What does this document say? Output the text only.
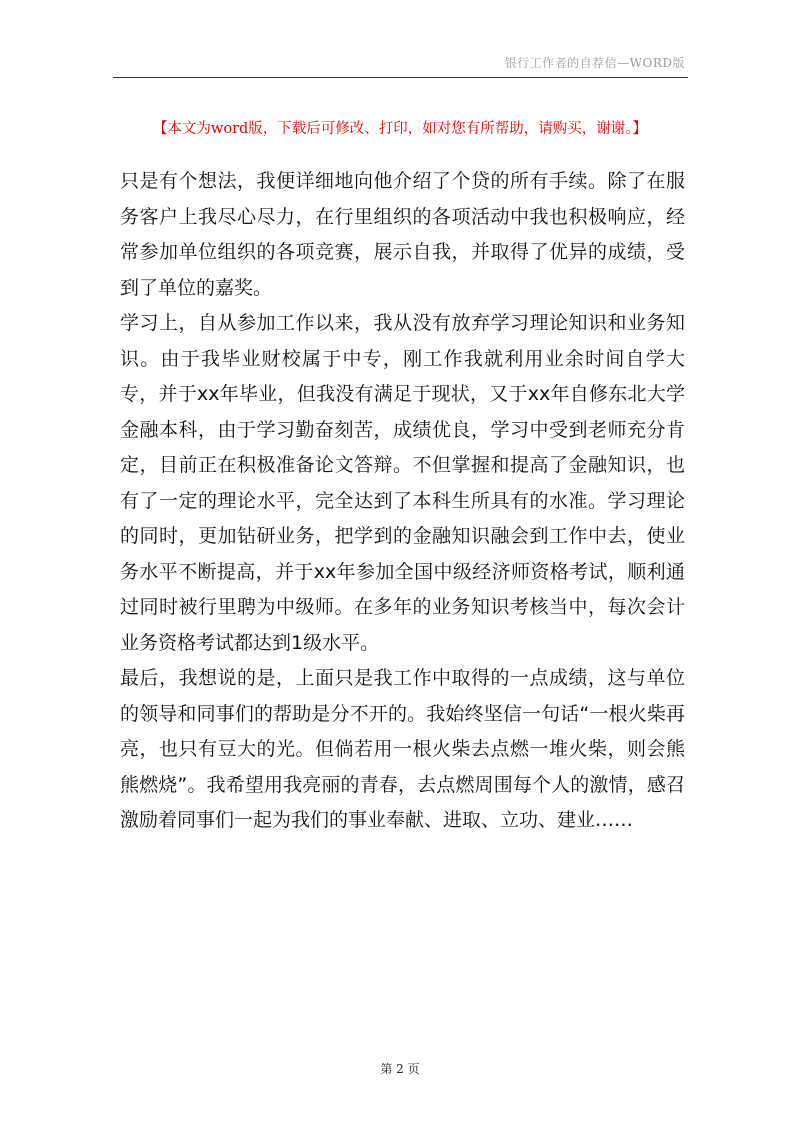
银行工作者的自荐信—WORD版
【本文为word版，下载后可修改、打印，如对您有所帮助，请购买，谢谢。】

只是有个想法，我便详细地向他介绍了个贷的所有手续。除了在服务客户上我尽心尽力，在行里组织的各项活动中我也积极响应，经常参加单位组织的各项竞赛，展示自我，并取得了优异的成绩，受到了单位的嘉奖。

学习上，自从参加工作以来，我从没有放弃学习理论知识和业务知识。由于我毕业财校属于中专，刚工作我就利用业余时间自学大专，并于xx年毕业，但我没有满足于现状，又于xx年自修东北大学金融本科，由于学习勤奋刻苦，成绩优良，学习中受到老师充分肯定，目前正在积极准备论文答辩。不但掌握和提高了金融知识，也有了一定的理论水平，完全达到了本科生所具有的水准。学习理论的同时，更加钻研业务，把学到的金融知识融会到工作中去，使业务水平不断提高，并于xx年参加全国中级经济师资格考试，顺利通过同时被行里聘为中级师。在多年的业务知识考核当中，每次会计业务资格考试都达到1级水平。

最后，我想说的是，上面只是我工作中取得的一点成绩，这与单位的领导和同事们的帮助是分不开的。我始终坚信一句话“一根火柴再亮，也只有豆大的光。但倘若用一根火柴去点燃一堆火柴，则会熊熊燃烧”。我希望用我亮丽的青春，去点燃周围每个人的激情，感召激励着同事们一起为我们的事业奉献、进取、立功、建业……

第 2 页
